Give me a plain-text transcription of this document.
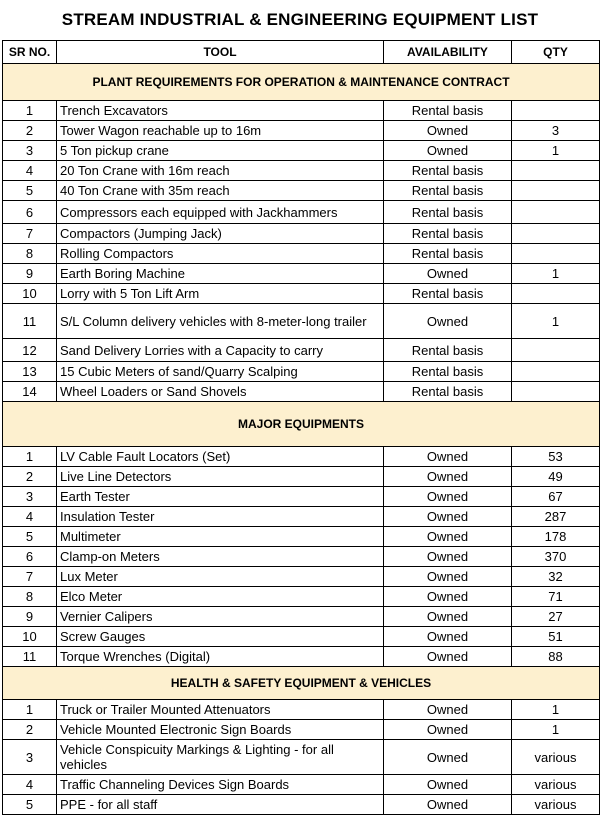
STREAM INDUSTRIAL & ENGINEERING EQUIPMENT LIST
SR NO.	TOOL	AVAILABILITY	QTY
PLANT REQUIREMENTS FOR OPERATION & MAINTENANCE CONTRACT			
1	Trench Excavators	Rental basis	
2	Tower Wagon reachable up to 16m	Owned	3
3	5 Ton pickup crane	Owned	1
4	20 Ton Crane with 16m reach	Rental basis	
5	40 Ton Crane with 35m reach	Rental basis	
6	Compressors each equipped with Jackhammers	Rental basis	
7	Compactors (Jumping Jack)	Rental basis	
8	Rolling Compactors	Rental basis	
9	Earth Boring Machine	Owned	1
10	Lorry with 5 Ton Lift Arm	Rental basis	
11	S/L Column delivery vehicles with 8-meter-long trailer	Owned	1
12	Sand Delivery Lorries with a Capacity to carry	Rental basis	
13	15 Cubic Meters of sand/Quarry Scalping	Rental basis	
14	Wheel Loaders or Sand Shovels	Rental basis	
MAJOR EQUIPMENTS			
1	LV Cable Fault Locators (Set)	Owned	53
2	Live Line Detectors	Owned	49
3	Earth Tester	Owned	67
4	Insulation Tester	Owned	287
5	Multimeter	Owned	178
6	Clamp-on Meters	Owned	370
7	Lux Meter	Owned	32
8	Elco Meter	Owned	71
9	Vernier Calipers	Owned	27
10	Screw Gauges	Owned	51
11	Torque Wrenches (Digital)	Owned	88
HEALTH & SAFETY EQUIPMENT & VEHICLES			
1	Truck or Trailer Mounted Attenuators	Owned	1
2	Vehicle Mounted Electronic Sign Boards	Owned	1
3	Vehicle Conspicuity Markings & Lighting - for all vehicles	Owned	various
4	Traffic Channeling Devices Sign Boards	Owned	various
5	PPE - for all staff	Owned	various
